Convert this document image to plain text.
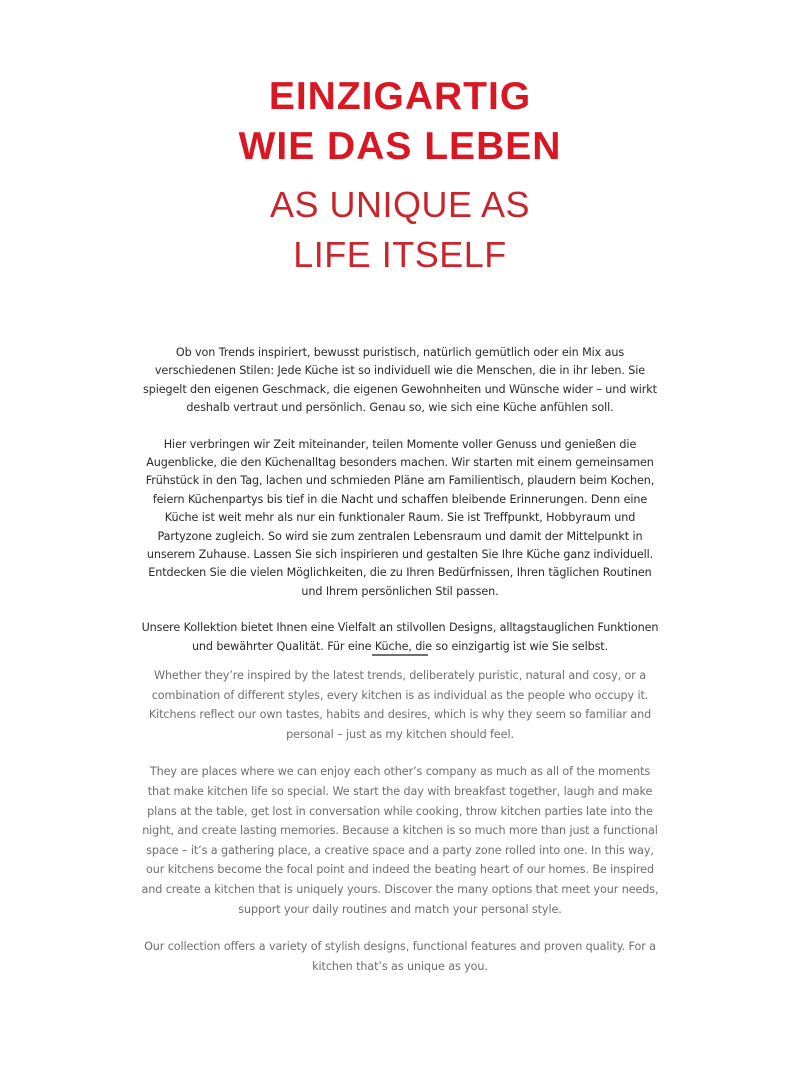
EINZIGARTIG
WIE DAS LEBEN
AS UNIQUE AS
LIFE ITSELF

Ob von Trends inspiriert, bewusst puristisch, natürlich gemütlich oder ein Mix aus verschiedenen Stilen: Jede Küche ist so individuell wie die Menschen, die in ihr leben. Sie spiegelt den eigenen Geschmack, die eigenen Gewohnheiten und Wünsche wider – und wirkt deshalb vertraut und persönlich. Genau so, wie sich eine Küche anfühlen soll.

Hier verbringen wir Zeit miteinander, teilen Momente voller Genuss und genießen die Augenblicke, die den Küchenalltag besonders machen. Wir starten mit einem gemeinsamen Frühstück in den Tag, lachen und schmieden Pläne am Familientisch, plaudern beim Kochen, feiern Küchenpartys bis tief in die Nacht und schaffen bleibende Erinnerungen. Denn eine Küche ist weit mehr als nur ein funktionaler Raum. Sie ist Treffpunkt, Hobbyraum und Partyzone zugleich. So wird sie zum zentralen Lebensraum und damit der Mittelpunkt in unserem Zuhause. Lassen Sie sich inspirieren und gestalten Sie Ihre Küche ganz individuell. Entdecken Sie die vielen Möglichkeiten, die zu Ihren Bedürfnissen, Ihren täglichen Routinen und Ihrem persönlichen Stil passen.

Unsere Kollektion bietet Ihnen eine Vielfalt an stilvollen Designs, alltagstauglichen Funktionen und bewährter Qualität. Für eine Küche, die so einzigartig ist wie Sie selbst.

Whether they’re inspired by the latest trends, deliberately puristic, natural and cosy, or a combination of different styles, every kitchen is as individual as the people who occupy it. Kitchens reflect our own tastes, habits and desires, which is why they seem so familiar and personal – just as my kitchen should feel.

They are places where we can enjoy each other’s company as much as all of the moments that make kitchen life so special. We start the day with breakfast together, laugh and make plans at the table, get lost in conversation while cooking, throw kitchen parties late into the night, and create lasting memories. Because a kitchen is so much more than just a functional space – it’s a gathering place, a creative space and a party zone rolled into one. In this way, our kitchens become the focal point and indeed the beating heart of our homes. Be inspired and create a kitchen that is uniquely yours. Discover the many options that meet your needs, support your daily routines and match your personal style.

Our collection offers a variety of stylish designs, functional features and proven quality. For a kitchen that’s as unique as you.
